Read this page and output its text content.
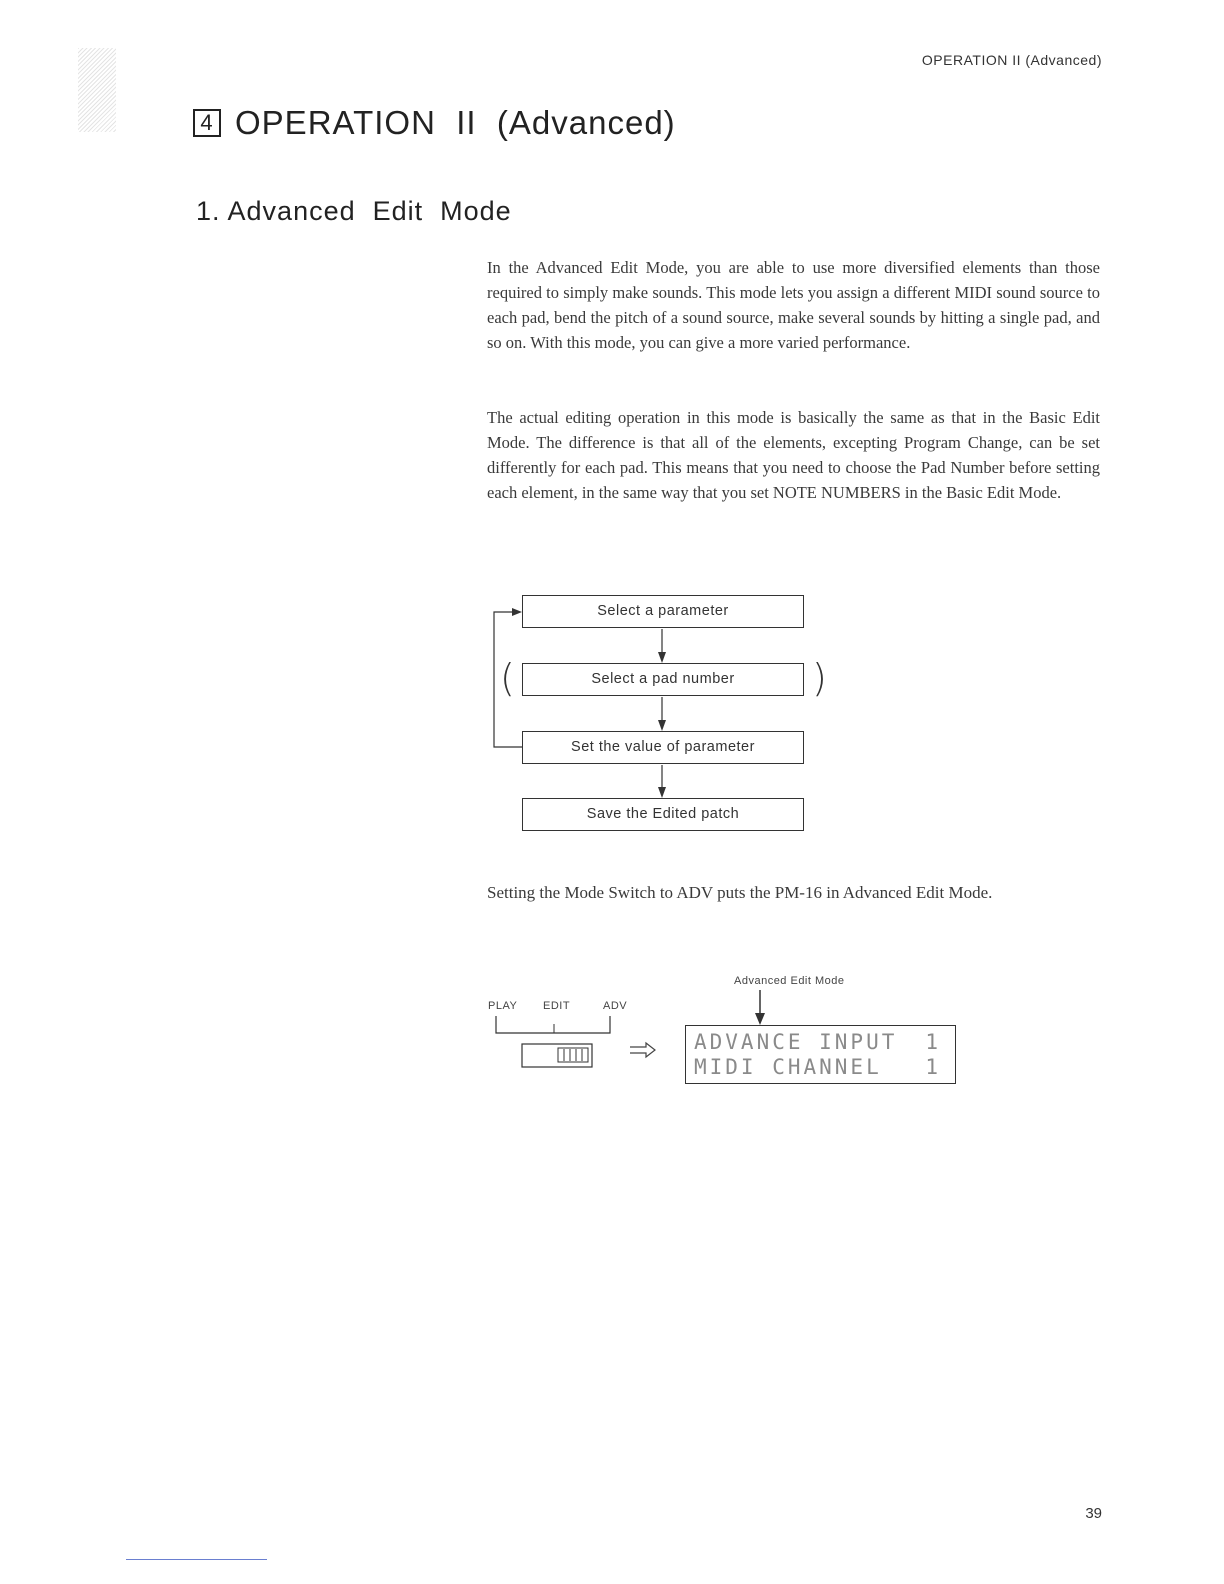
OPERATION II (Advanced)
4 OPERATION  II  (Advanced)
1. Advanced  Edit  Mode

In the Advanced Edit Mode, you are able to use more diversified elements than those required to simply make sounds. This mode lets you assign a different MIDI sound source to each pad, bend the pitch of a sound source, make several sounds by hitting a single pad, and so on. With this mode, you can give a more varied performance.

The actual editing operation in this mode is basically the same as that in the Basic Edit Mode. The difference is that all of the elements, excepting Program Change, can be set differently for each pad. This means that you need to choose the Pad Number before setting each element, in the same way that you set NOTE NUMBERS in the Basic Edit Mode.

(	)
Select a parameter
Select a pad number
Set the value of parameter
Save the Edited patch

Setting the Mode Switch to ADV puts the PM-16 in Advanced Edit Mode.

PLAY EDIT	ADV
Advanced Edit Mode
ADVANCE INPUT 1
MIDI CHANNEL 1
39
